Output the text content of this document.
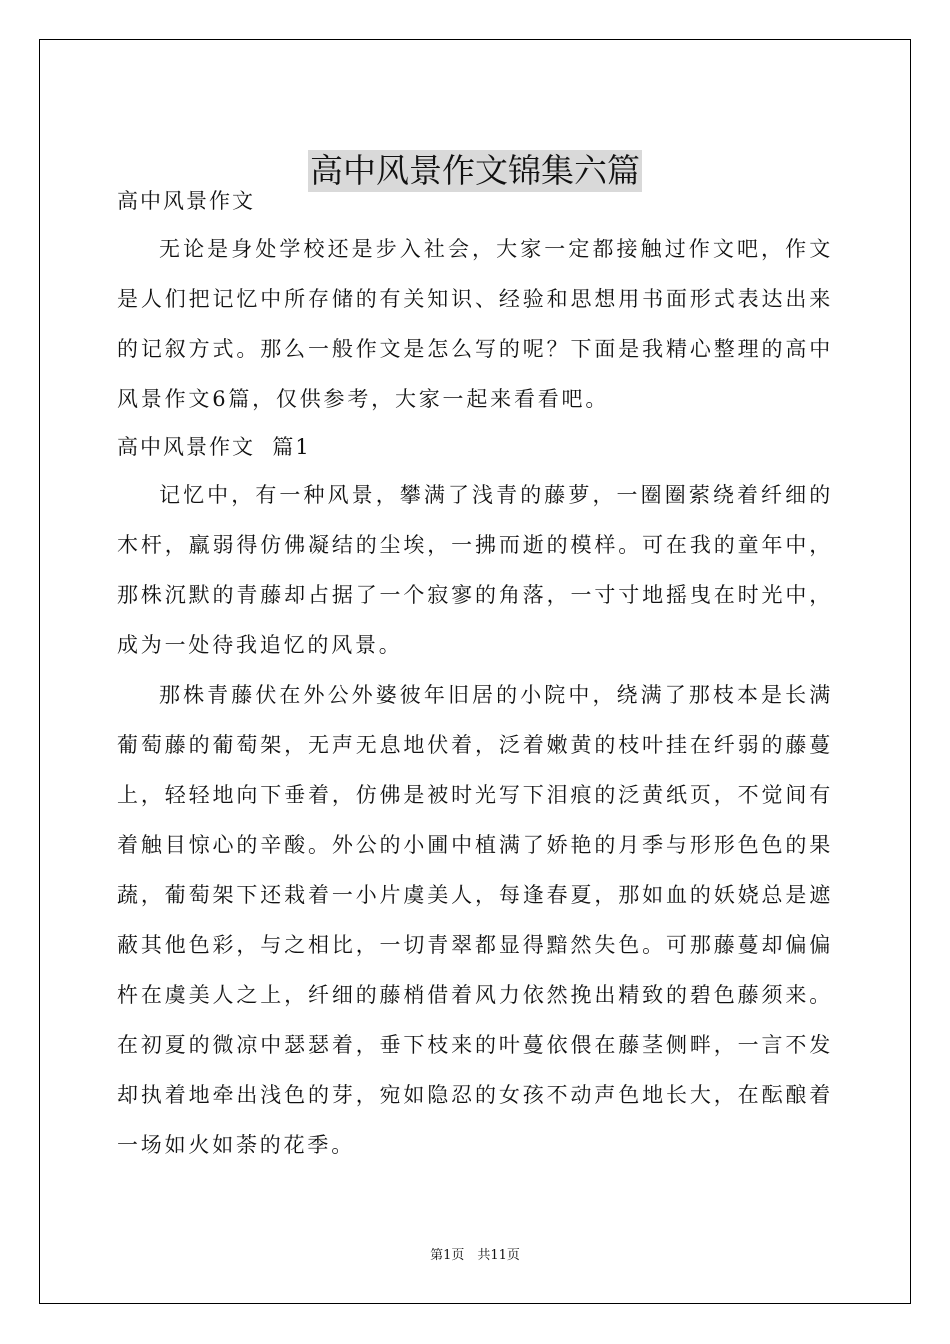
高中风景作文锦集六篇
高中风景作文

无论是身处学校还是步入社会，大家一定都接触过作文吧，作文是人们把记忆中所存储的有关知识、经验和思想用书面形式表达出来的记叙方式。那么一般作文是怎么写的呢？下面是我精心整理的高中风景作文6篇，仅供参考，大家一起来看看吧。

高中风景作文  篇1

记忆中，有一种风景，攀满了浅青的藤萝，一圈圈萦绕着纤细的木杆，羸弱得仿佛凝结的尘埃，一拂而逝的模样。可在我的童年中，那株沉默的青藤却占据了一个寂寥的角落，一寸寸地摇曳在时光中，成为一处待我追忆的风景。

那株青藤伏在外公外婆彼年旧居的小院中，绕满了那枝本是长满葡萄藤的葡萄架，无声无息地伏着，泛着嫩黄的枝叶挂在纤弱的藤蔓上，轻轻地向下垂着，仿佛是被时光写下泪痕的泛黄纸页，不觉间有着触目惊心的辛酸。外公的小圃中植满了娇艳的月季与形形色色的果蔬，葡萄架下还栽着一小片虞美人，每逢春夏，那如血的妖娆总是遮蔽其他色彩，与之相比，一切青翠都显得黯然失色。可那藤蔓却偏偏杵在虞美人之上，纤细的藤梢借着风力依然挽出精致的碧色藤须来。在初夏的微凉中瑟瑟着，垂下枝来的叶蔓依偎在藤茎侧畔，一言不发却执着地牵出浅色的芽，宛如隐忍的女孩不动声色地长大，在酝酿着一场如火如荼的花季。

第1页　共11页
